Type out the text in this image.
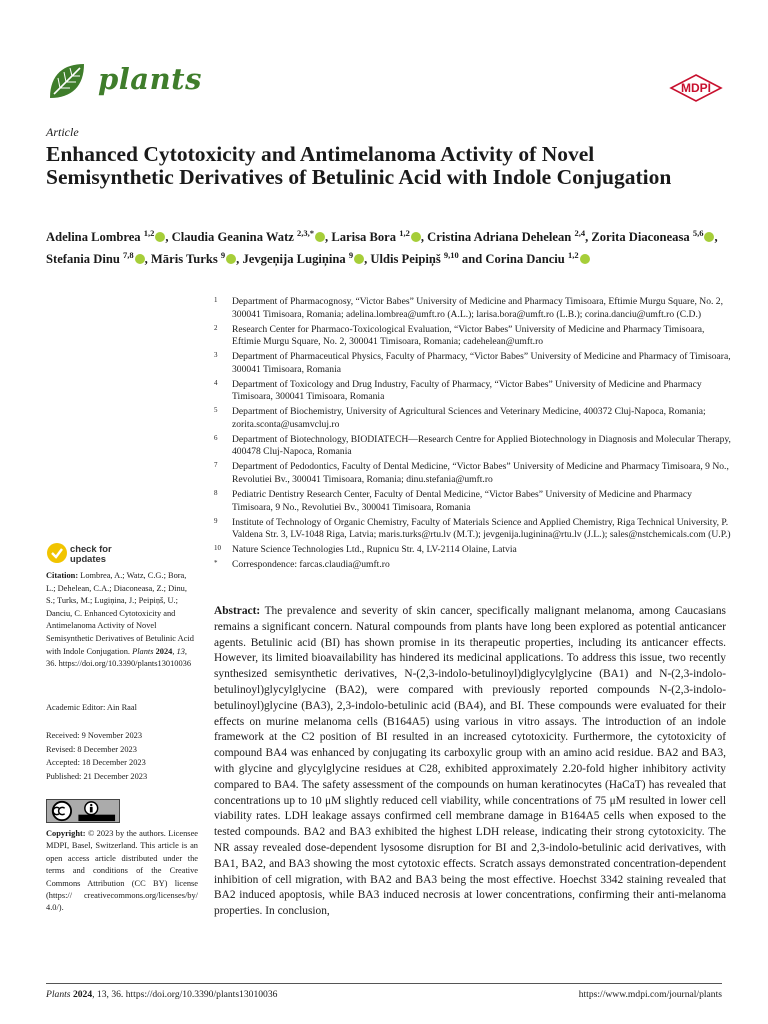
plants	MDPI
Article
Enhanced Cytotoxicity and Antimelanoma Activity of Novel Semisynthetic Derivatives of Betulinic Acid with Indole Conjugation
Adelina Lombrea $^{1,2}$ , Claudia Geanina Watz $^{2,3,*}$ , Larisa Bora $^{1,2}$ , Cristina Adriana Dehelean $^{2,4}$, Zorita Diaconeasa $^{5,6}$ , Stefania Dinu $^{7,8}$ , Māris Turks $^9$ , Jevgeņija Lugiņina $^9$ , Uldis Peipiņš $^{9,10}$ and Corina Danciu $^{1,2}$
1 Department of Pharmacognosy, “Victor Babes” University of Medicine and Pharmacy Timisoara, Eftimie Murgu Square, No. 2, 300041 Timisoara, Romania; adelina.lombrea@umft.ro (A.L.); larisa.bora@umft.ro (L.B.); corina.danciu@umft.ro (C.D.)
2 Research Center for Pharmaco-Toxicological Evaluation, “Victor Babes” University of Medicine and Pharmacy Timisoara, Eftimie Murgu Square, No. 2, 300041 Timisoara, Romania; cadehelean@umft.ro
3 Department of Pharmaceutical Physics, Faculty of Pharmacy, “Victor Babes” University of Medicine and Pharmacy of Timisoara, 300041 Timisoara, Romania
4 Department of Toxicology and Drug Industry, Faculty of Pharmacy, “Victor Babes” University of Medicine and Pharmacy Timisoara, 300041 Timisoara, Romania
5 Department of Biochemistry, University of Agricultural Sciences and Veterinary Medicine, 400372 Cluj-Napoca, Romania; zorita.sconta@usamvcluj.ro
6 Department of Biotechnology, BIODIATECH—Research Centre for Applied Biotechnology in Diagnosis and Molecular Therapy, 400478 Cluj-Napoca, Romania
7 Department of Pedodontics, Faculty of Dental Medicine, “Victor Babes” University of Medicine and Pharmacy Timisoara, 9 No., Revolutiei Bv., 300041 Timisoara, Romania; dinu.stefania@umft.ro
8 Pediatric Dentistry Research Center, Faculty of Dental Medicine, “Victor Babes” University of Medicine and Pharmacy Timisoara, 9 No., Revolutiei Bv., 300041 Timisoara, Romania
9 Institute of Technology of Organic Chemistry, Faculty of Materials Science and Applied Chemistry, Riga Technical University, P. Valdena Str. 3, LV-1048 Riga, Latvia; maris.turks@rtu.lv (M.T.); jevgenija.luginina@rtu.lv (J.L.); sales@nstchemicals.com (U.P.)
10 Nature Science Technologies Ltd., Rupnicu Str. 4, LV-2114 Olaine, Latvia
* Correspondence: farcas.claudia@umft.ro
check for
updates

Citation: Lombrea, A.; Watz, C.G.; Bora, L.; Dehelean, C.A.; Diaconeasa, Z.; Dinu, S.; Turks, M.; Lugiņina, J.; Peipiņš, U.; Danciu, C. Enhanced Cytotoxicity and Antimelanoma Activity of Novel Semisynthetic Derivatives of Betulinic Acid with Indole Conjugation. Plants 2024, 13, 36. https://doi.org/10.3390/plants13010036

Academic Editor: Ain Raal
Received: 9 November 2023
Revised: 8 December 2023
Accepted: 18 December 2023
Published: 21 December 2023
Copyright: © 2023 by the authors. Licensee MDPI, Basel, Switzerland. This article is an open access article distributed under the terms and conditions of the Creative Commons Attribution (CC BY) license (https:// creativecommons.org/licenses/by/ 4.0/).

Abstract: The prevalence and severity of skin cancer, specifically malignant melanoma, among Caucasians remains a significant concern. Natural compounds from plants have long been explored as potential anticancer agents. Betulinic acid (BI) has shown promise in its therapeutic properties, including its anticancer effects. However, its limited bioavailability has hindered its medicinal applications. To address this issue, two recently synthesized semisynthetic derivatives, N-(2,3-indolo-betulinoyl)diglycylglycine (BA1) and N-(2,3-indolo-betulinoyl)glycylglycine (BA2), were compared with previously reported compounds N-(2,3-indolo-betulinoyl)glycine (BA3), 2,3-indolo-betulinic acid (BA4), and BI. These compounds were evaluated for their effects on murine melanoma cells (B164A5) using various in vitro assays. The introduction of an indole framework at the C2 position of BI resulted in an increased cytotoxicity. Furthermore, the cytotoxicity of compound BA4 was enhanced by conjugating its carboxylic group with an amino acid residue. BA2 and BA3, with glycine and glycylglycine residues at C28, exhibited approximately 2.20-fold higher inhibitory activity compared to BA4. The safety assessment of the compounds on human keratinocytes (HaCaT) has revealed that concentrations up to 10 μM slightly reduced cell viability, while concentrations of 75 μM resulted in lower cell viability rates. LDH leakage assays confirmed cell membrane damage in B164A5 cells when exposed to the tested compounds. BA2 and BA3 exhibited the highest LDH release, indicating their strong cytotoxicity. The NR assay revealed dose-dependent lysosome disruption for BI and 2,3-indolo-betulinic acid derivatives, with BA1, BA2, and BA3 showing the most cytotoxic effects. Scratch assays demonstrated concentration-dependent inhibition of cell migration, with BA2 and BA3 being the most effective. Hoechst 3342 staining revealed that BA2 induced apoptosis, while BA3 induced necrosis at lower concentrations, confirming their anti-melanoma properties. In conclusion,

Plants 2024, 13, 36. https://doi.org/10.3390/plants13010036	https://www.mdpi.com/journal/plants
